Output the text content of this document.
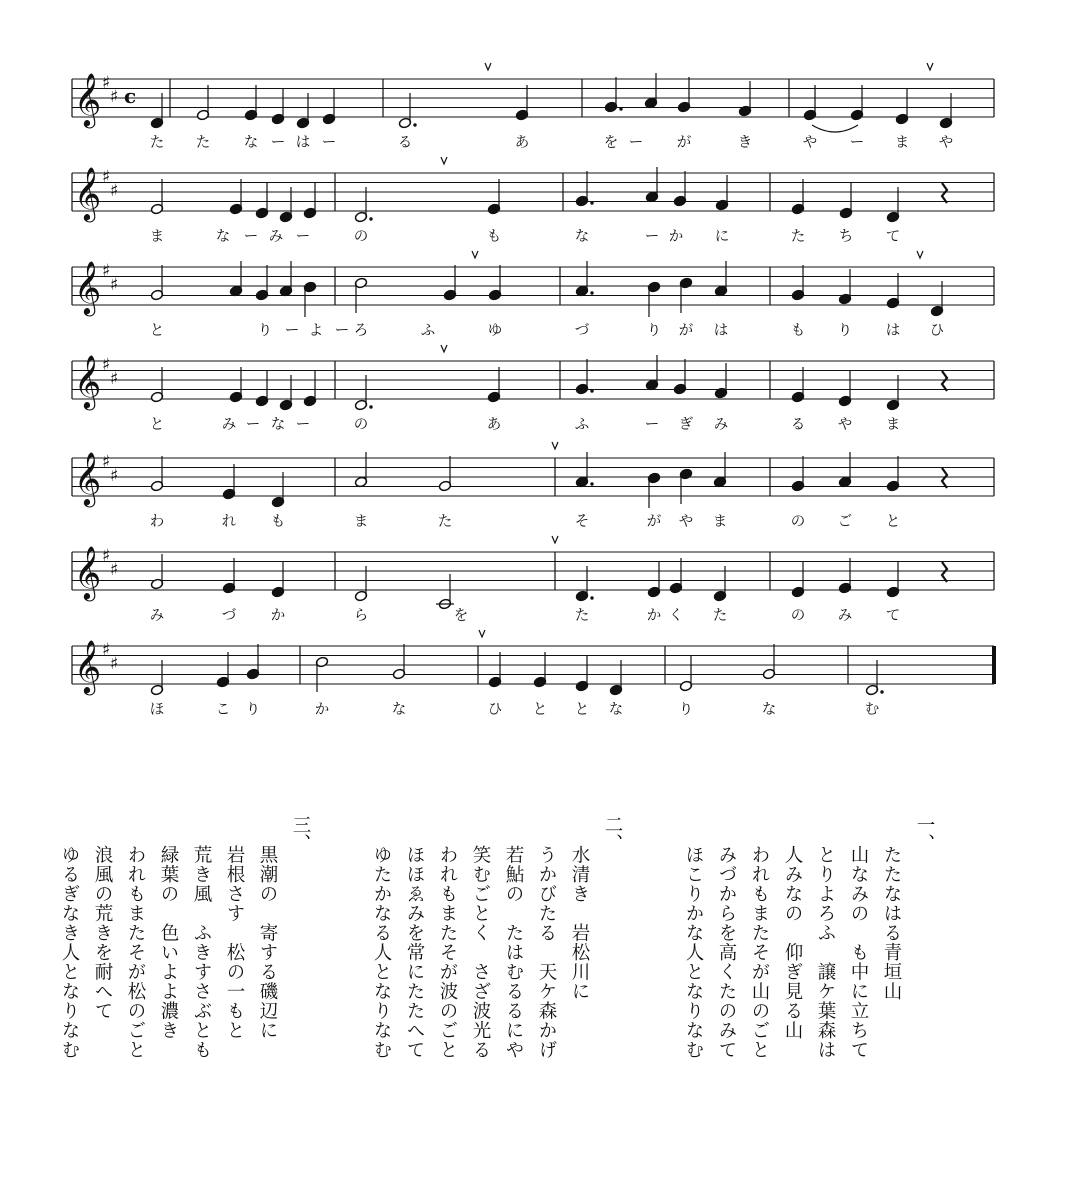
𝄞 ♯
♯ c
た た な ー は ー	る	あ	を ー が	き	や ー ま や
𝄞 ♯
♯
ま	な ー み ー	の	も	な	ー か に	た ち て
𝄞 ♯
♯
と	り ー よ ー ろ	ふ	ゆ	づ	り が は	も り は ひ
𝄞 ♯
♯
と	み ー な ー	の	あ	ふ	ー ぎ み	る や ま
𝄞 ♯
♯
わ	れ も	ま	た	そ	が や ま	の ご と
𝄞 ♯
♯
み	づ か	ら	を	た	か く た	の み て
𝄞 ♯
♯
ほ	こ り	か	な	ひ と と な	り	な	む
一、
たたなはる青垣山
山なみの　も中に立ちて
とりよろふ　譲ケ葉森は
人みなの　仰ぎ見る山
われもまたそが山のごと
みづからを高くたのみて
ほこりかな人となりなむ
二、
水清き　岩松川に
うかびたる　天ケ森かげ
若鮎の　たはむるるにや
笑むごとく　さざ波光る
われもまたそが波のごと
ほほゑみを常にたたへて
ゆたかなる人となりなむ
三、
黒潮の　寄する磯辺に
岩根さす　松の一もと
荒き風　ふきすさぶとも
緑葉の　色いよよ濃き
われもまたそが松のごと
浪風の荒きを耐へて
ゆるぎなき人となりなむ
